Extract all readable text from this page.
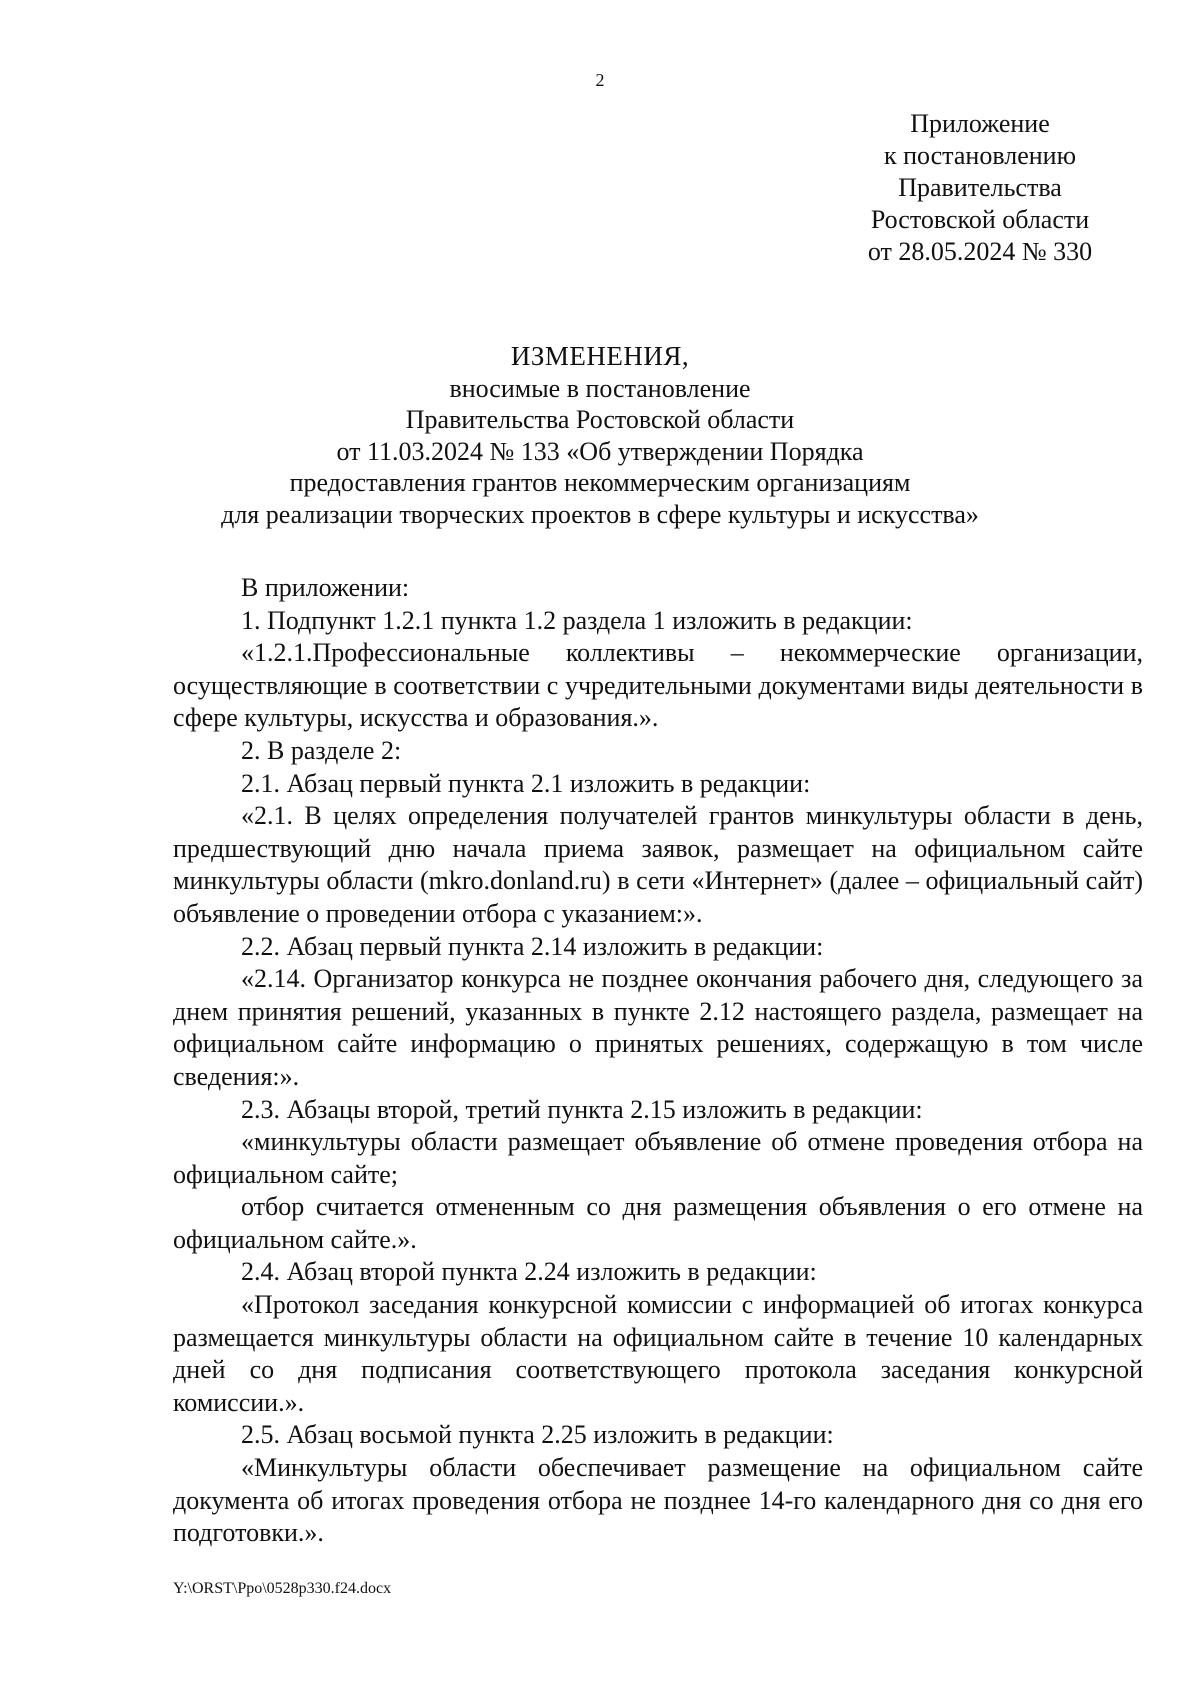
2
Приложение
к постановлению
Правительства
Ростовской области
от 28.05.2024 № 330
ИЗМЕНЕНИЯ,
вносимые в постановление
Правительства Ростовской области
от 11.03.2024 № 133 «Об утверждении Порядка
предоставления грантов некоммерческим организациям
для реализации творческих проектов в сфере культуры и искусства»

В приложении:

1. Подпункт 1.2.1 пункта 1.2 раздела 1 изложить в редакции:

«1.2.1.Профессиональные коллективы – некоммерческие организации, осуществляющие в соответствии с учредительными документами виды деятельности в сфере культуры, искусства и образования.».

2. В разделе 2:

2.1. Абзац первый пункта 2.1 изложить в редакции:

«2.1. В целях определения получателей грантов минкультуры области в день, предшествующий дню начала приема заявок, размещает на официальном сайте минкультуры области (mkro.donland.ru) в сети «Интернет» (далее – официальный сайт) объявление о проведении отбора с указанием:».

2.2. Абзац первый пункта 2.14 изложить в редакции:

«2.14. Организатор конкурса не позднее окончания рабочего дня, следующего за днем принятия решений, указанных в пункте 2.12 настоящего раздела, размещает на официальном сайте информацию о принятых решениях, содержащую в том числе сведения:».

2.3. Абзацы второй, третий пункта 2.15 изложить в редакции:

«минкультуры области размещает объявление об отмене проведения отбора на официальном сайте;

отбор считается отмененным со дня размещения объявления о его отмене на официальном сайте.».

2.4. Абзац второй пункта 2.24 изложить в редакции:

«Протокол заседания конкурсной комиссии с информацией об итогах конкурса размещается минкультуры области на официальном сайте в течение 10 календарных дней со дня подписания соответствующего протокола заседания конкурсной комиссии.».

2.5. Абзац восьмой пункта 2.25 изложить в редакции:

«Минкультуры области обеспечивает размещение на официальном сайте документа об итогах проведения отбора не позднее 14-го календарного дня со дня его подготовки.».

Y:\ORST\Ppo\0528p330.f24.docx
